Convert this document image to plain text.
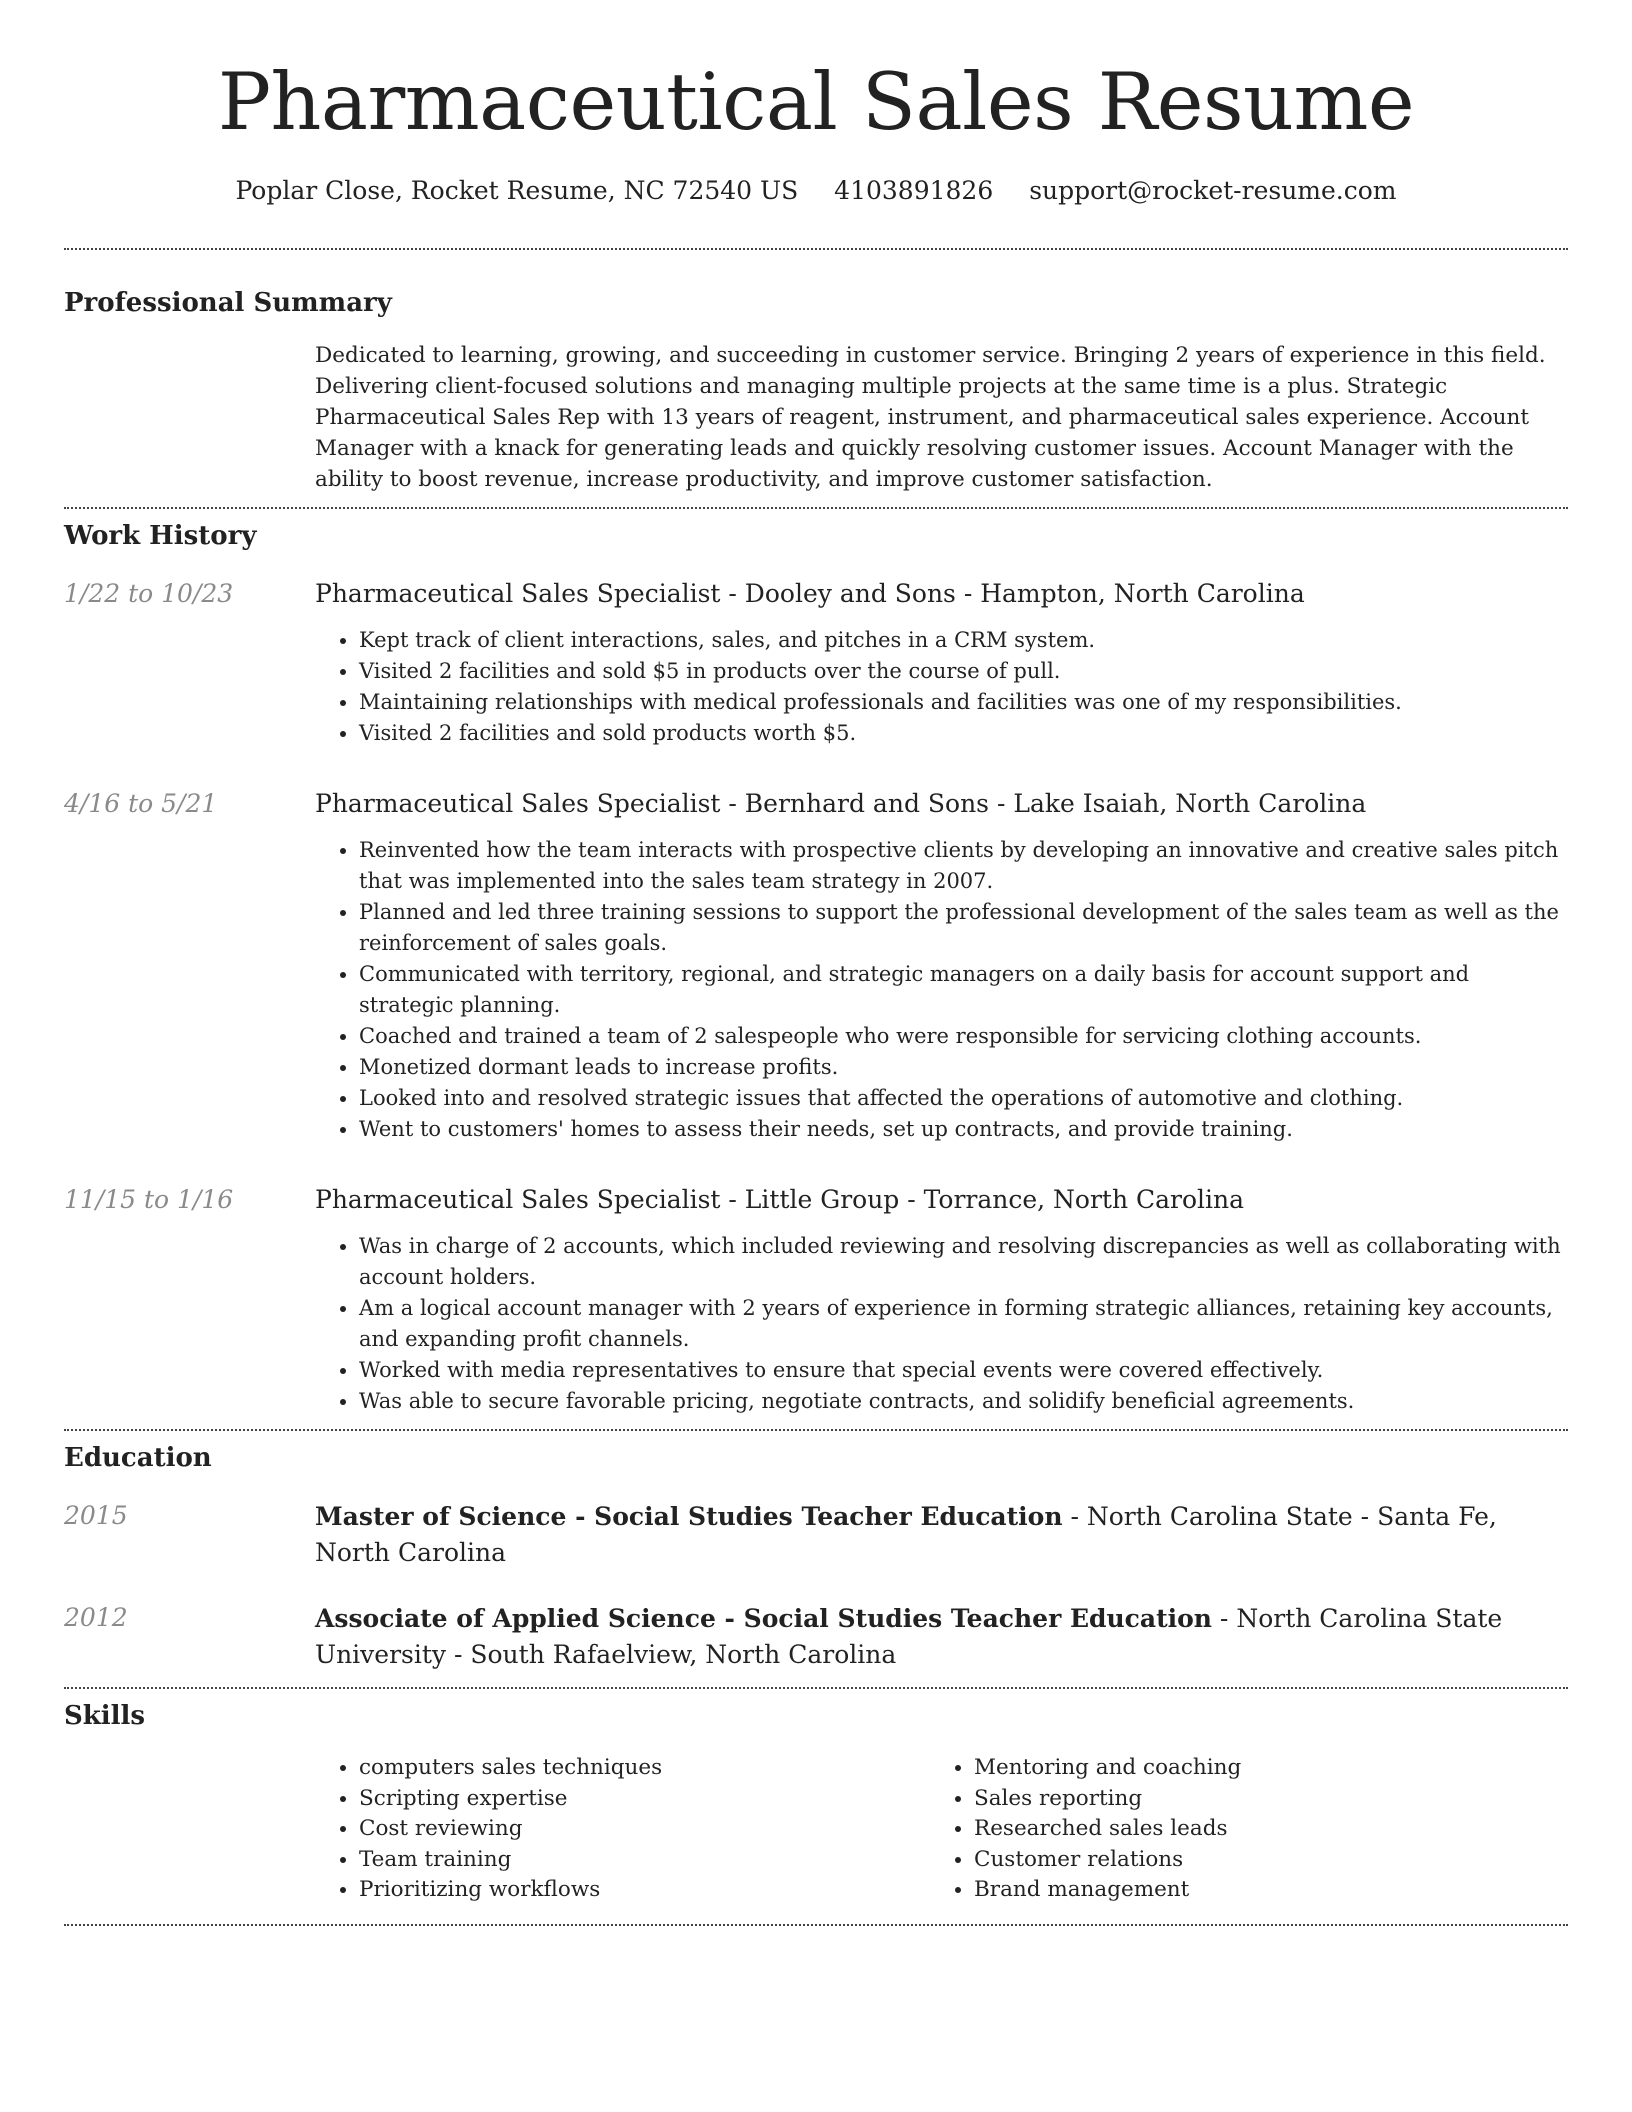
Pharmaceutical Sales Resume
Poplar Close, Rocket Resume, NC 72540 US 4103891826 support@rocket-resume.com
Professional Summary

Dedicated to learning, growing, and succeeding in customer service. Bringing 2 years of experience in this field. Delivering client-focused solutions and managing multiple projects at the same time is a plus. Strategic Pharmaceutical Sales Rep with 13 years of reagent, instrument, and pharmaceutical sales experience. Account Manager with a knack for generating leads and quickly resolving customer issues. Account Manager with the ability to boost revenue, increase productivity, and improve customer satisfaction.

Work History
1/22 to 10/23	Pharmaceutical Sales Specialist - Dooley and Sons - Hampton, North Carolina
• Kept track of client interactions, sales, and pitches in a CRM system.
• Visited 2 facilities and sold $5 in products over the course of pull.
• Maintaining relationships with medical professionals and facilities was one of my responsibilities.
• Visited 2 facilities and sold products worth $5.
4/16 to 5/21	Pharmaceutical Sales Specialist - Bernhard and Sons - Lake Isaiah, North Carolina
• Reinvented how the team interacts with prospective clients by developing an innovative and creative sales pitch that was implemented into the sales team strategy in 2007.
• Planned and led three training sessions to support the professional development of the sales team as well as the reinforcement of sales goals.
• Communicated with territory, regional, and strategic managers on a daily basis for account support and strategic planning.
• Coached and trained a team of 2 salespeople who were responsible for servicing clothing accounts.
• Monetized dormant leads to increase profits.
• Looked into and resolved strategic issues that affected the operations of automotive and clothing.
• Went to customers' homes to assess their needs, set up contracts, and provide training.
11/15 to 1/16	Pharmaceutical Sales Specialist - Little Group - Torrance, North Carolina
• Was in charge of 2 accounts, which included reviewing and resolving discrepancies as well as collaborating with account holders.
• Am a logical account manager with 2 years of experience in forming strategic alliances, retaining key accounts, and expanding profit channels.
• Worked with media representatives to ensure that special events were covered effectively.
• Was able to secure favorable pricing, negotiate contracts, and solidify beneficial agreements.
Education
2015	Master of Science - Social Studies Teacher Education - North Carolina State - Santa Fe, North Carolina
2012	Associate of Applied Science - Social Studies Teacher Education - North Carolina State University - South Rafaelview, North Carolina
Skills
• computers sales techniques
• Scripting expertise
• Cost reviewing
• Team training
• Prioritizing workflows
• Mentoring and coaching
• Sales reporting
• Researched sales leads
• Customer relations
• Brand management
